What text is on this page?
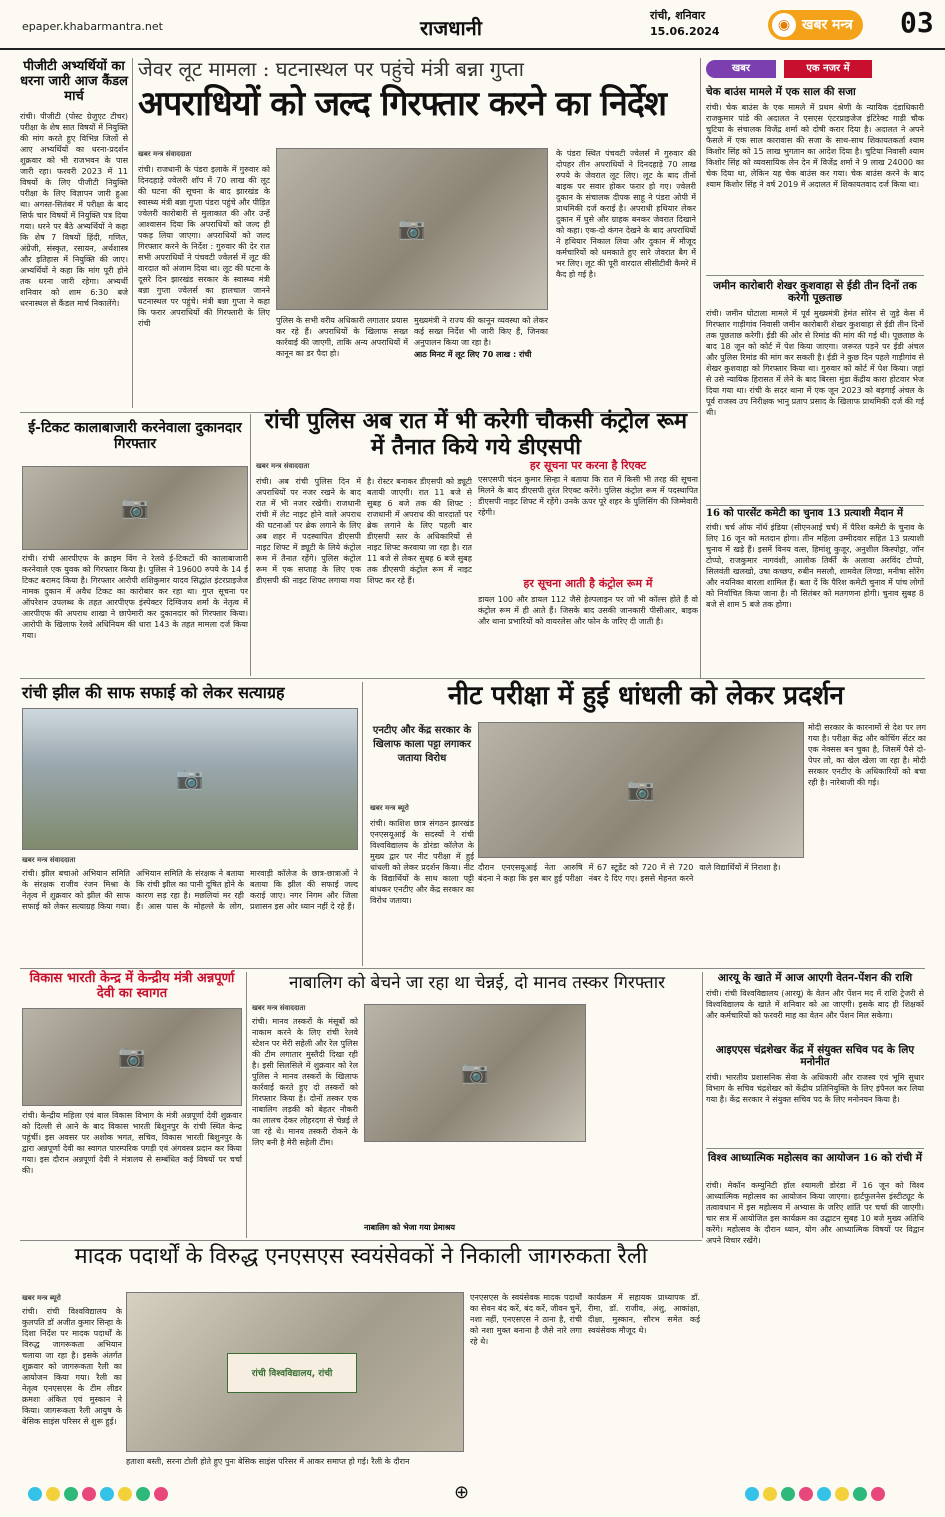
epaper.khabarmantra.net	राजधानी
रांची, शनिवार
15.06.2024	◉ खबर मन्त्र	03
पीजीटी अभ्यर्थियों का धरना जारी आज कैंडल मार्च
रांची। पीजीटी (पोस्ट ग्रेजुएट टीचर) परीक्षा के शेष सात विषयों में नियुक्ति की मांग करते हुए विभिन्न जिलों से आए अभ्यर्थियों का धरना-प्रदर्शन शुक्रवार को भी राजभवन के पास जारी रहा। फरवरी 2023 में 11 विषयों के लिए पीजीटी नियुक्ति परीक्षा के लिए विज्ञापन जारी हुआ था। अगस्त-सितंबर में परीक्षा के बाद सिर्फ चार विषयों में नियुक्ति पत्र दिया गया। धरने पर बैठे अभ्यर्थियों ने कहा कि शेष 7 विषयों हिंदी, गणित, अंग्रेजी, संस्कृत, रसायन, अर्थशास्त्र और इतिहास में नियुक्ति की जाए। अभ्यर्थियों ने कहा कि मांग पूरी होने तक धरना जारी रहेगा। अभ्यर्थी शनिवार को शाम 6:30 बजे धरनास्थल से कैंडल मार्च निकालेंगे।
जेवर लूट मामला : घटनास्थल पर पहुंचे मंत्री बन्ना गुप्ता
अपराधियों को जल्द गिरफ्तार करने का निर्देश
खबर मन्त्र संवाददाता
रांची। राजधानी के पंडरा इलाके में गुरुवार को दिनदहाड़े ज्वेलरी शॉप में 70 लाख की लूट की घटना की सूचना के बाद झारखंड के स्वास्थ्य मंत्री बन्ना गुप्ता पंडरा पहुंचे और पीड़ित ज्वेलरी कारोबारी से मुलाकात की और उन्हें आश्वासन दिया कि अपराधियों को जल्द ही पकड़ लिया जाएगा। अपराधियों को जल्द गिरफ्तार करने के निर्देश : गुरुवार की देर रात सभी अपराधियों ने पंचवटी ज्वेलर्स में लूट की वारदात को अंजाम दिया था। लूट की घटना के दूसरे दिन झारखंड सरकार के स्वास्थ्य मंत्री बन्ना गुप्ता ज्वेलर्स का हालचाल जानने घटनास्थल पर पहुंचे। मंत्री बन्ना गुप्ता ने कहा कि फरार अपराधियों की गिरफ्तारी के लिए रांची
📷
पुलिस के सभी वरीय अधिकारी लगातार प्रयास कर रहे हैं। अपराधियों के खिलाफ सख्त कार्रवाई की जाएगी, ताकि अन्य अपराधियों में कानून का डर पैदा हो।
मुख्यमंत्री ने राज्य की कानून व्यवस्था को लेकर कई सख्त निर्देश भी जारी किए हैं, जिनका अनुपालन किया जा रहा है।
आठ मिनट में लूट लिए 70 लाख : रांची
के पंडरा स्थित पंचवटी ज्वेलर्स में गुरुवार की दोपहर तीन अपराधियों ने दिनदहाड़े 70 लाख रुपये के जेवरात लूट लिए। लूट के बाद तीनों बाइक पर सवार होकर फरार हो गए। ज्वेलरी दुकान के संचालक दीपक साहू ने पंडरा ओपी में प्राथमिकी दर्ज कराई है। अपराधी हथियार लेकर दुकान में घुसे और ग्राहक बनकर जेवरात दिखाने को कहा। एक-दो कंगन देखने के बाद अपराधियों ने हथियार निकाल लिया और दुकान में मौजूद कर्मचारियों को धमकाते हुए सारे जेवरात बैग में भर लिए। लूट की पूरी वारदात सीसीटीवी कैमरे में कैद हो गई है।
खबर	एक नजर में
चेक बाउंस मामले में एक साल की सजा
रांची। चेक बाउंस के एक मामले में प्रथम श्रेणी के न्यायिक दंडाधिकारी राजकुमार पांडे की अदालत ने एसएस एंटरप्राइजेज इंटिरेक्ट गाड़ी चौक चुटिया के संचालक विजेंद्र शर्मा को दोषी करार दिया है। अदालत ने अपने फैसले में एक साल कारावास की सजा के साथ-साथ शिकायतकर्ता श्याम किशोर सिंह को 15 लाख भुगतान का आदेश दिया है। चुटिया निवासी श्याम किशोर सिंह को व्यवसायिक लेन देन में विजेंद्र शर्मा ने 9 लाख 24000 का चेक दिया था, लेकिन यह चेक बाउंस कर गया। चेक बाउंस करने के बाद श्याम किशोर सिंह ने वर्ष 2019 में अदालत में शिकायतवाद दर्ज किया था।
जमीन कारोबारी शेखर कुशवाहा से ईडी तीन दिनों तक करेगी पूछताछ
रांची। जमीन घोटाला मामले में पूर्व मुख्यमंत्री हेमंत सोरेन से जुड़े केस में गिरफ्तार गाड़ीगांव निवासी जमीन कारोबारी शेखर कुशवाहा से ईडी तीन दिनों तक पूछताछ करेगी। ईडी की ओर से रिमांड की मांग की गई थी। पूछताछ के बाद 18 जून को कोर्ट में पेश किया जाएगा। जरूरत पड़ने पर ईडी अंचल और पुलिस रिमांड की मांग कर सकती है। ईडी ने कुछ दिन पहले गाड़ीगांव से शेखर कुशवाहा को गिरफ्तार किया था। गुरुवार को कोर्ट में पेश किया। जहां से उसे न्यायिक हिरासत में लेने के बाद बिरसा मुंडा केंद्रीय कारा होटवार भेज दिया गया था। रांची के सदर थाना में एक जून 2023 को बड़गाईं अंचल के पूर्व राजस्व उप निरीक्षक भानु प्रताप प्रसाद के खिलाफ प्राथमिकी दर्ज की गई थी।
16 को पारसेंट कमेटी का चुनाव 13 प्रत्याशी मैदान में
रांची। चर्च ऑफ नॉर्थ इंडिया (सीएनआई चर्च) में पैरिश कमेटी के चुनाव के लिए 16 जून को मतदान होगा। तीन महिला उम्मीदवार सहित 13 प्रत्याशी चुनाव में खड़े हैं। इसमें विनय वत्स, हिमांशु कुजूर, अनुशील किस्पोट्टा, जॉन टोप्पो, राजकुमार नागवंशी, आलोक तिर्की के अलावा अरविंद टोप्पो, सिलवंती खलखो, उषा कच्छप, रुबीन मसलौ, शामवेल लिण्डा, मनीषा सोरेंग और नयनिका बारला शामिल हैं। बता दें कि पैरिश कमेटी चुनाव में पांच लोगों को निर्वाचित किया जाना है। नौ सितंबर को मतगणना होगी। चुनाव सुबह 8 बजे से शाम 5 बजे तक होगा।
ई-टिकट कालाबाजारी करनेवाला दुकानदार गिरफ्तार
📷
रांची। रांची आरपीएफ के क्राइम विंग ने रेलवे ई-टिकटों की कालाबाजारी करनेवाले एक युवक को गिरफ्तार किया है। पुलिस ने 19600 रुपये के 14 ई टिकट बरामद किया है। गिरफ्तार आरोपी शशिकुमार यादव सिद्धांत इंटरप्राइजेज नामक दुकान में अवैध टिकट का कारोबार कर रहा था। गुप्त सूचना पर ऑपरेशन उपलब्ध के तहत आरपीएफ इंस्पेक्टर दिग्विजय शर्मा के नेतृत्व में आरपीएफ की अपराध शाखा ने छापेमारी कर दुकानदार को गिरफ्तार किया। आरोपी के खिलाफ रेलवे अधिनियम की धारा 143 के तहत मामला दर्ज किया गया।
रांची पुलिस अब रात में भी करेगी चौकसी कंट्रोल रूम में तैनात किये गये डीएसपी
खबर मन्त्र संवाददाता
रांची। अब रांची पुलिस दिन में अपराधियों पर नजर रखने के बाद रात में भी नजर रखेगी। राजधानी रांची में लेट नाइट होने वाले अपराध की घटनाओं पर ब्रेक लगाने के लिए अब शहर में पदस्थापित डीएसपी नाइट शिफ्ट में ड्यूटी के लिये कंट्रोल रूम में तैनात रहेंगे। पुलिस कंट्रोल रूम में एक सप्ताह के लिए एक डीएसपी की नाइट शिफ्ट लगाया गया है। रोस्टर बनाकर डीएसपी को ड्यूटी बतायी जाएगी। रात 11 बजे से सुबह 6 बजे तक की शिफ्ट : राजधानी में अपराध की वारदातों पर ब्रेक लगाने के लिए पहली बार डीएसपी स्तर के अधिकारियों से नाइट शिफ्ट करवाया जा रहा है। रात 11 बजे से लेकर सुबह 6 बजे सुबह तक डीएसपी कंट्रोल रूम में नाइट शिफ्ट कर रहे हैं।
हर सूचना पर करना है रिएक्ट
एसएसपी चंदन कुमार सिन्हा ने बताया कि रात में किसी भी तरह की सूचना मिलने के बाद डीएसपी तुरंत रिएक्ट करेंगे। पुलिस कंट्रोल रूम में पदस्थापित डीएसपी नाइट शिफ्ट में रहेंगे। उनके ऊपर पूरे शहर के पुलिसिंग की जिम्मेवारी रहेगी।
हर सूचना आती है कंट्रोल रूम में
डायल 100 और डायल 112 जैसे हेल्पलाइन पर जो भी कॉल्स होते हैं वो कंट्रोल रूम में ही आते हैं। जिसके बाद उसकी जानकारी पीसीआर, बाइक और थाना प्रभारियों को वायरलेस और फोन के जरिए दी जाती है।
रांची झील की साफ सफाई को लेकर सत्याग्रह
📷
खबर मन्त्र संवाददाता
रांची। झील बचाओ अभियान समिति के संरक्षक राजीव रंजन मिश्रा के नेतृत्व में शुक्रवार को झील की साफ सफाई को लेकर सत्याग्रह किया गया। अभियान समिति के संरक्षक ने बताया कि रांची झील का पानी दूषित होने के कारण सड़ रहा है। मछलियां मर रही हैं। आस पास के मोहल्ले के लोग, मारवाड़ी कॉलेज के छात्र-छात्राओं ने बताया कि झील की सफाई जल्द कराई जाए। नगर निगम और जिला प्रशासन इस ओर ध्यान नहीं दे रहे हैं।
नीट परीक्षा में हुई धांधली को लेकर प्रदर्शन
एनटीए और केंद्र सरकार के खिलाफ काला पट्टा लगाकर जताया विरोध
खबर मन्त्र ब्यूरो
📷
मोदी सरकार के कारनामों से देश पर लग गया है। परीक्षा केंद्र और कोचिंग सेंटर का एक नेक्सस बन चुका है, जिसमें पैसे दो-पेपर लो, का खेल खेला जा रहा है। मोदी सरकार एनटीए के अधिकारियों को बचा रही है। नारेबाजी की गई।
रांची। काशिश छात्र संगठन झारखंड एनएसयूआई के सदस्यों ने रांची विश्वविद्यालय के डोरंडा कॉलेज के मुख्य द्वार पर नीट परीक्षा में हुई धांधली को लेकर प्रदर्शन किया। नीट के विद्यार्थियों के साथ काला पट्टी बांधकर एनटीए और केंद्र सरकार का विरोध जताया।
दौरान एनएसयूआई नेता आरुषि बंदना ने कहा कि इस बार हुई परीक्षा में 67 स्टूडेंट को 720 में से 720 नंबर दे दिए गए। इससे मेहनत करने वाले विद्यार्थियों में निराशा है।
विकास भारती केन्द्र में केन्द्रीय मंत्री अन्नपूर्णा देवी का स्वागत
📷
रांची। केन्द्रीय महिला एवं बाल विकास विभाग के मंत्री अन्नपूर्णा देवी शुक्रवार को दिल्ली से आने के बाद विकास भारती बिशुनपुर के रांची स्थित केन्द्र पहुंचीं। इस अवसर पर अशोक भगत, सचिव, विकास भारती बिशुनपुर के द्वारा अन्नपूर्णा देवी का स्वागत पारम्परिक पगड़ी एवं अंगवस्त्र प्रदान कर किया गया। इस दौरान अन्नपूर्णा देवी ने मंत्रालय से सम्बंधित कई विषयों पर चर्चा की।
नाबालिग को बेचने जा रहा था चेन्नई, दो मानव तस्कर गिरफ्तार
खबर मन्त्र संवाददाता
रांची। मानव तस्करों के मंसूबों को नाकाम करने के लिए रांची रेलवे स्टेशन पर मेरी सहेली और रेल पुलिस की टीम लगातार मुस्तैदी दिखा रही है। इसी सिलसिले में शुक्रवार को रेल पुलिस ने मानव तस्करों के खिलाफ कार्रवाई करते हुए दो तस्करों को गिरफ्तार किया है। दोनों तस्कर एक नाबालिग लड़की को बेहतर नौकरी का लालच देकर लोहरदगा से चेन्नई ले जा रहे थे। मानव तस्करी रोकने के लिए बनी है मेरी सहेली टीम।
📷
नाबालिग को भेजा गया प्रेमाश्रय
आरयू के खाते में आज आएगी वेतन-पेंशन की राशि
रांची। रांची विश्वविद्यालय (आरयू) के वेतन और पेंशन मद में राशि ट्रेजरी से विश्वविद्यालय के खाते में शनिवार को आ जाएगी। इसके बाद ही शिक्षकों और कर्मचारियों को फरवरी माह का वेतन और पेंशन मिल सकेगा।
आइएएस चंद्रशेखर केंद्र में संयुक्त सचिव पद के लिए मनोनीत
रांची। भारतीय प्रशासनिक सेवा के अधिकारी और राजस्व एवं भूमि सुधार विभाग के सचिव चंद्रशेखर को केंद्रीय प्रतिनियुक्ति के लिए इंपैनल कर लिया गया है। केंद्र सरकार ने संयुक्त सचिव पद के लिए मनोनयन किया है।
विश्व आध्यात्मिक महोत्सव का आयोजन 16 को रांची में
रांची। मेकॉन कम्युनिटी हॉल श्यामली डोरंडा में 16 जून को विश्व आध्यात्मिक महोत्सव का आयोजन किया जाएगा। हार्टफुलनेस इंस्टीट्यूट के तत्वावधान में इस महोत्सव में अभ्यास के जरिए शांति पर चर्चा की जाएगी। चार सत्र में आयोजित इस कार्यक्रम का उद्घाटन सुबह 10 बजे मुख्य अतिथि करेंगे। महोत्सव के दौरान ध्यान, योग और आध्यात्मिक विषयों पर विद्वान अपने विचार रखेंगे।
मादक पदार्थों के विरुद्ध एनएसएस स्वयंसेवकों ने निकाली जागरुकता रैली
खबर मन्त्र ब्यूरो
रांची। रांची विश्वविद्यालय के कुलपति डॉ अजीत कुमार सिन्हा के दिशा निर्देश पर मादक पदार्थों के विरुद्ध जागरूकता अभियान चलाया जा रहा है। इसके अंतर्गत शुक्रवार को जागरूकता रैली का आयोजन किया गया। रैली का नेतृत्व एनएसएस के टीम लीडर क्रमशः अंकित एवं मुस्कान ने किया। जागरूकता रैली आयुष के बेसिक साइंस परिसर से शुरू हुई।
रांची विश्वविद्यालय, रांची
हताशा बस्ती, सरना टोली होते हुए पुनः बेसिक साइंस परिसर में आकर समाप्त हो गई। रैली के दौरान
एनएसएस के स्वयंसेवक मादक पदार्थों का सेवन बंद करें, बंद करें, जीवन चुनें, नशा नहीं, एनएसएस ने ठाना है, रांची को नशा मुक्त बनाना है जैसे नारे लगा रहे थे।
कार्यक्रम में सहायक प्राध्यापक डॉ. रीमा, डॉ. राजीव, अंशु, आकांक्षा, दीक्षा, मुस्कान, सौरभ समेत कई स्वयंसेवक मौजूद थे।
⊕
